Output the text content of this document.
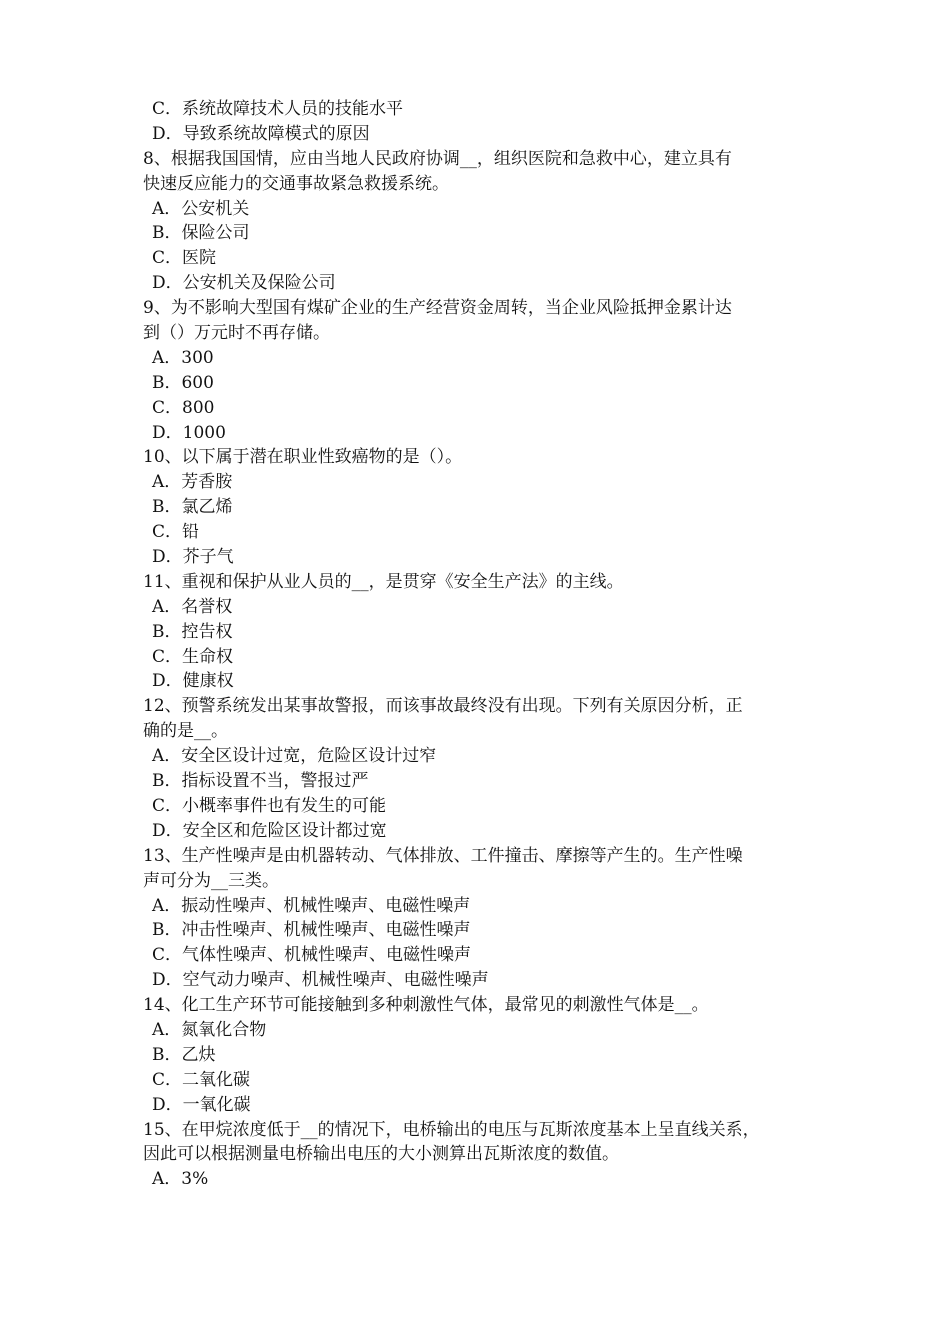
C．系统故障技术人员的技能水平
D．导致系统故障模式的原因
8、根据我国国情，应由当地人民政府协调__，组织医院和急救中心，建立具有
快速反应能力的交通事故紧急救援系统。
A．公安机关
B．保险公司
C．医院
D．公安机关及保险公司
9、为不影响大型国有煤矿企业的生产经营资金周转，当企业风险抵押金累计达
到（）万元时不再存储。
A．300
B．600
C．800
D．1000
10、以下属于潜在职业性致癌物的是（）。
A．芳香胺
B．氯乙烯
C．铅
D．芥子气
11、重视和保护从业人员的__，是贯穿《安全生产法》的主线。
A．名誉权
B．控告权
C．生命权
D．健康权
12、预警系统发出某事故警报，而该事故最终没有出现。下列有关原因分析，正
确的是__。
A．安全区设计过宽，危险区设计过窄
B．指标设置不当，警报过严
C．小概率事件也有发生的可能
D．安全区和危险区设计都过宽
13、生产性噪声是由机器转动、气体排放、工件撞击、摩擦等产生的。生产性噪
声可分为__三类。
A．振动性噪声、机械性噪声、电磁性噪声
B．冲击性噪声、机械性噪声、电磁性噪声
C．气体性噪声、机械性噪声、电磁性噪声
D．空气动力噪声、机械性噪声、电磁性噪声
14、化工生产环节可能接触到多种刺激性气体，最常见的刺激性气体是__。
A．氮氧化合物
B．乙炔
C．二氧化碳
D．一氧化碳
15、在甲烷浓度低于__的情况下，电桥输出的电压与瓦斯浓度基本上呈直线关系，
因此可以根据测量电桥输出电压的大小测算出瓦斯浓度的数值。
A．3%
